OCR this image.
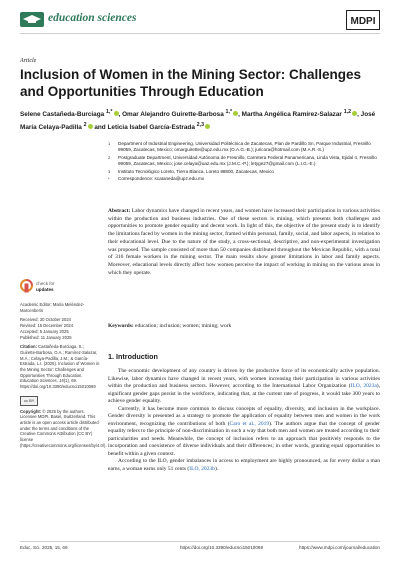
education sciences	MDPI
Article
Inclusion of Women in the Mining Sector: Challenges and Opportunities Through Education

Selene Castañeda-Burciaga $^{1,*}$ , Omar Alejandro Guirette-Barbosa $^{1,*}$ , Martha Angélica Ramírez-Salazar $^{1,2}$ , José María Celaya-Padilla $^2$ and Leticia Isabel García-Estrada $^{2,3}$

1 Department of Industrial Engineering, Universidad Politécnica de Zacatecas, Plan de Pardillo Sn, Parque Industrial, Fresnillo 99059, Zacatecas, Mexico; omarguirette@upz.edu.mx (O.A.G.-B.); juricora@hotmail.com (M.A.R.-S.)
2 Postgraduate Department, Universidad Autónoma de Fresnillo, Carretera Federal Panamericana, Linda Vista, Ejidal 4, Fresnillo 99059, Zacatecas, Mexico; jose.celaya@uaz.edu.mx (J.M.C.-P.); letyge27@gmail.com (L.I.G.-E.)
3 Instituto Tecnológico Loreto, Tierra Blanca, Loreto 98800, Zacatecas, Mexico
* Correspondence: scataneda@upz.edu.mx

Abstract: Labor dynamics have changed in recent years, and women have increased their participation in various activities within the production and business industries. One of these sectors is mining, which presents both challenges and opportunities to promote gender equality and decent work. In light of this, the objective of the present study is to identify the limitations faced by women in the mining sector, framed within personal, family, social, and labor aspects, in relation to their educational level. Due to the nature of the study, a cross-sectional, descriptive, and non-experimental investigation was proposed. The sample consisted of more than 50 companies distributed throughout the Mexican Republic, with a total of 316 female workers in the mining sector. The main results show greater limitations in labor and family aspects. Moreover, educational levels directly affect how women perceive the impact of working in mining on the various areas in which they operate.

Keywords: education; inclusion; women; mining; work

check for
updates
Academic Editor: María Meléndez-Marcenberis
Received: 30 October 2024
Revised: 15 December 2024
Accepted: 5 January 2025
Published: 11 January 2025
Citation: Castañeda-Burciaga, S.; Guirette-Barbosa, O.A.; Ramírez-Salazar, M.A.; Celaya-Padilla, J.M.; & García-Estrada, L.I. (2025). Inclusion of Women in the Mining Sector: Challenges and Opportunities Through Education. Education Sciences, 15(1), 69. https://doi.org/10.3390/educsci15010069
cc BY
Copyright: © 2025 by the authors. Licensee MDPI, Basel, Switzerland. This article is an open access article distributed under the terms and conditions of the Creative Commons Attribution (CC BY) license (https://creativecommons.org/licenses/by/4.0/).
1. Introduction

The economic development of any country is driven by the productive force of its economically active population. Likewise, labor dynamics have changed in recent years, with women increasing their participation in various activities within the production and business sectors. However, according to the International Labor Organization (ILO, 2023a), significant gender gaps persist in the workforce, indicating that, at the current rate of progress, it would take 300 years to achieve gender equality.

Currently, it has become more common to discuss concepts of equality, diversity, and inclusion in the workplace. Gender diversity is presented as a strategy to promote the application of equality between men and women in the work environment, recognizing the contributions of both (Caro et al., 2019). The authors argue that the concept of gender equality refers to the principle of non-discrimination in such a way that both men and women are treated according to their particularities and needs. Meanwhile, the concept of inclusion refers to an approach that positively responds to the incorporation and coexistence of diverse individuals and their differences; in other words, granting equal opportunities to benefit within a given context.

According to the ILO, gender imbalances in access to employment are highly pronounced, as for every dollar a man earns, a woman earns only 51 cents (ILO, 2023b).

Educ. Sci. 2025, 15, 69	https://doi.org/10.3390/educsci15010069	https://www.mdpi.com/journal/education
